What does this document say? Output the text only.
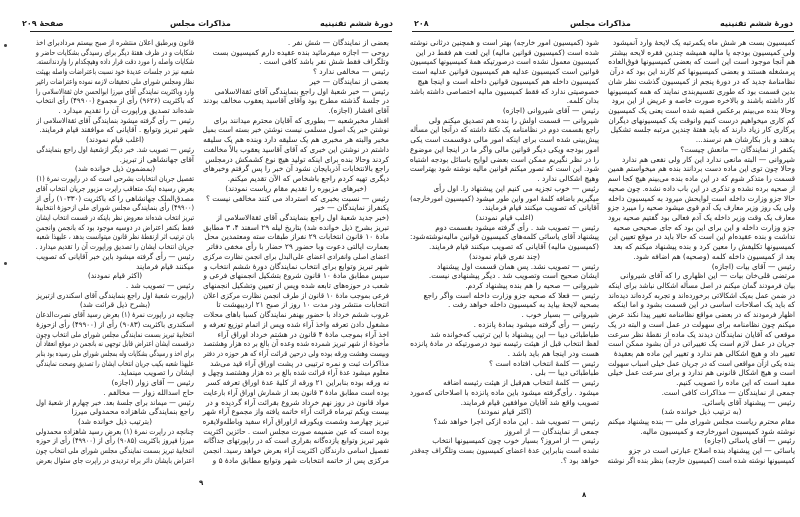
صفحهٔ ۲۰۹	مذاکرات مجلس	دورهٔ ششم تقنینیه
قانون وبرطبق اعلان منتشره از صبح بیستم مردادبرای اخذ
شکایات و در ظرف هفتهٔ دیگر برای رسیدگی بشکایات حاضر و
شکایات واصله را مورد دقت قرار داده وهیچکدام را واردندانسته.
شعبه نیز در جلسات عدیدهٔ خود نسبت باعتراضات واصله بهیئت
نظار ومجلس شورای ملی تحقیقات لازمه نموده واعتراضات راغیر
وارد وباکثریت نمایندگی آقای میرزا ابوالحسن خان ثقةالاسلامی را
که باکثریت (۹۶۲۶) رأی از مجموع (۴۹۹۰۰) رأی انتخاب
شده‌اند تصدیق وراپورت آن را تقدیم میدارد .
رئیس — رأی گرفته میشود بنمایندگی آقای ثقةالاسلامی از
شهر تبریز وتوابع . آقایانی که موافقند قیام فرمایند.
(اغلب قیام نمودند)
رئیس — تصویب شد. خبر دیگر ازشعبهٔ اول راجع بنمایندگی
آقای جهانشاهی از تبریز.
(بمضمون ذیل خوانده شد)
تفصیل جریان انتخابات بشرحی است که در راپورت نمرهٔ (۱)
بعرض رسیده اینک متعاقب راپرت مزبور جریان انتخاب آقای
مصدق‌الملک جهانشاهی را که باکثریت (۱۰۳۳۰) رأی از
(۴۹۹۰۰) رأی بنمایندگی مجلس شورای ملی ازحوزهٔ انتخابیهٔ
تبریز انتخاب شده‌اند معروض نظر باینکه در قسمت انتخاب ایشان
فقط بکنفر اعتراض در دوسیه موجود بود که بانجمن وانجمن
بان ترتیب اثر ازنقطهٔ نظر قانون میتوانست بدهد ، علیهذا شعبه
جریان انتخاب ایشان را تصدیق وراپورت آن را تقدیم میدارد .
رئیس — رأی گرفته میشود باین خبر آقایانی که تصویب
میکنند قیام فرمایند
(اکثر قیام نمودند)
رئیس — تصویب شد .
(راپورت شعبهٔ اول راجع بنمایندگی آقای اسکندری ازتبریز
(بشرح ذیل قرائت شد)
چنانچه در راپورت نمرهٔ (۱) بعرض رسید آقای نصرت‌الدعان
اسکندری باکثریت (۹۰۸۳) رأی از (۴۹۹۰۰) رأی ازحوزهٔ
انتخابیهٔ تبریز بسمت نمایندگی مجلس شورای ملی انتخاب وچون
درقسمت ایشان اعتراض قابل توجهی نه بانجمن در موقع انعقاد آن
برای اخذ و رسیدگی بشکایات وله بمجلس شورای ملی رسیده بود بنابر
علیهذا شعبه بکیب جریان انتخاب ایشان را تصدیق وصحت نمایندگی
ایشان را تصویب مینماید.
رئیس — آقای زوار (اجازه)
حاج اسدالله زوار — مخالفم .
رئیس — میماند برای جلسهٔ بعد. خبر چهارم از شعبهٔ اول
راجع بنمایندگی شاهزاده محمدولی میرزا
(بترتیب ذیل خوانده شد)
چنانچه در راپرت نمرهٔ (۱) بعرض رسید شاهزاده محمدولی
میرزا فیروز باکثریت (۹۰۸۵) رأی از (۴۹۹۰۰) رأی از حوزه
انتخابیهٔ تبریز بسمت نمایندگی مجلس شورای ملی انتخاب چون
اعتراض بایشان دائر براه تردیدی در راپرت جای سئوال بعرض
بعضی از نمایندگان — شش نفر .
روحی — اجازه میفرمائید بنده عقیده دارم کمیسیون بست
وتلگراف فقط شش نفر باشد کافی است .
رئیس — مخالفی ندارد ؟
بعضی از نمایندگان — خیر
رئیس — خبر شعبهٔ اول راجع بنمایندگی آقای ثقةالاسلامی
در جلسهٔ گذشته مطرح بود وآقای آقاسید یعقوب مخالف بودند
آقای افشار (اجازه).
افشار مخبرشعبه — بطوری که آقایان محترم میدانند برای
نوشتن خبر یک اصول مسلمی نیست نوشتن خبر بسته است بمیل
مخبر والبته هر مخبری هم یک سلیقه دارد وبنده هم یک سلیقه
داشتم در نوشتن این خبری که آقای آقاسید یعقوب بالاً مخالفت
کردند وحالا بنده برای اینکه تولید هیچ نوع کشمکش درمجلس
راجع بالانتخابات آذربایجان نشود آن خبر را پس گرفتم وخبرهای
دیگری تهیه کردم راجع باشخاص که الآن تقدیم میکنم.
(خبرهای مزبوره را تقدیم مقام ریاست نمودند)
رئیس — نسبت بخبری که استرداد می کنند مخالفی نیست ؟
یکنفراز نمایندگان — خیر
(خبر جدید شعبهٔ اول راجع بنمایندگی آقای ثقةالاسلامی از
تبریز بشرح ذیل خوانده شد) بتاریخ لیله ۲۹ اسفند ۴، ۳ مطابق
مادهٔ ۱۰ قانون انتخابات ۲۹ نفراز طبقات سته ومعتمدین محل
بعمارت ایالتی دعوت وبا حضور ۲۹ حضار با رأی مخفی دفاتر
اعضای اصلی وانفرادی اعضای علی‌البدل برای انجمن نظارت مرکزی
شهر تبریز وتوابع برای انتخاب نمایندگان دورهٔ ششم انتخاب و
سپس مطابق مادهٔ ۱۰ قانون شروع بتشکیل انجمنهای فرعی و
شعب در حوزه‌های تابعه شده وپس از تعیین وتشکیل انجمنهای
فرعی بموجب مادهٔ ۱۰ قانون از طرف انجمن نظارت مرکزی اعلان
انتخابات منتشر ودر مدت ۱۰ روز از صبح ۲۱ اردیبهشت تا
غروب ششم خرداد با حضور بهنفر نمایندگان کسبا باهای محلات
مشغول دادن تعرفه واخذ آراء شده وپس از اتمام توزیع تعرفه و
اخذ آراء بموجب مادهٔ ۴ قانون در هشتم خرداد اوراق آراء
مأخوذهٔ از شهر تبریز شمرده شده وعده آن بالغ بر ده هزار وهشتصد
وبیست وهشت ورقه بوده ولی درحین قرائت آراء که هر حوزه در دفتر
مذاکرات ثبت و نمره ترتیبی در پشت اوراق آراء قید می‌شد
معلوم میشود عدهٔ آراء قرائت شده بالغ بر ده هزار وهشتصد وچهل و
نه ورقه بوده بنابراین ۲۱ ورقه از کلیهٔ عدهٔ اوراق تعرفه کسر
بوده است مطابق مادهٔ ۳ قانون بعد از شمارش اوراق آراء بارعایت
مواد قانون در روز نهم خرداد شروع بقرائت آراء گردیده و در
بیست ویکم تیرماه قرائت آراء خاتمه یافته واز مجموع آراء شهر
تبریز چهارصد وشصت ویکورقه ازاوراق آراء سفید وباطله‌ولایقره
بوده است که عین ضمیمه صورت مجلس است . حائزین اکثریت
شهر تبریز وتوابع یازده‌گانه بقراری است که در راپورتهای جداگانه
تفصیل اسامی دارندگان اکثریت آراء بعرض خواهد رسید. انجمن
مرکزی پس از خاتمه انتخابات شهر وتوابع مطابق مادهٔ ۵ و
۹
۲۰۸	مذاکرات مجلس	دورهٔ ششم تقنینیه
شود (کمیسیون امور خارجه) بهتر است و همچنین درثانی نوشته
شده است (کمیسیون قوانین مالیه) این لغت هم فقط در این
کمیسیون معمول نشده است درصورتیکه همهٔ کمیسیونها کمیسیون
قوانین است کمیسیون عدلیه هم کمیسیون قوانین عدلیه است
کمیسیون داخله هم کمیسیون قوانین داخله است و اینجا هیچ
خصوصیتی ندارد که فقط کمیسیون مالیه اختصاصی داشته باشد
بدان کلمه.
رئیس — آقای شیروانی (اجازه)
شیروانی — قسمت اولش را بنده هم تصدیق میکنم ولی
راجع بقسمت دوم در نظامنامه یک نکتهٔ داشته که درآنجا این مسأله
پیش‌بینی شده است برای اینکه امور مالی دوقسمت است یکی
امور بودجه ویکی دیگر قوانین مالی واگر ما در اینجا این موضوع
را در نظر نگیریم ممکن است بعضی لوایح باسائل بودجه اشتباه
شود. این است که تصور میکنم قوانین مالیه نوشته شود بهتراست
وهیچ اشکالی ندارد .
رئیس — خوب تجزیه می کنیم این پیشنهاد را. اول رأی
میگیریم باضافه کلمهٔ امور واین طور میشود (کمیسیون امورخارجه)
آقایانی که تصویب میکنند قیام فرمایند.
(اغلب قیام نمودند)
رئیس — تصویب شد . رأی گرفته میشود بقسمت دوم
پیشنهاد آقای یاسائی کلمه‌های کمیسیون قوانین مالیه‌نوشته‌شود:
(کمیسیون مالیه) آقایانی که تصویب میکنند قیام فرمایند.
(چند نفری قیام نمودند)
رئیس — تصویب نشد. پس همان قسمت اول پیشنهاد
ایشان صحیح است وتصویب شد . دیگر پیشنهادی نیست.
شیروانی — صحیه را هم بنده پیشنهاد کردم.
رئیس — فعلا که صحیه جزو وزارت داخله است واگر راجع
بصحیه لایحهٔ بیاید به کمیسیون داخله خواهد رفت .
شیروانی — بسیار خوب .
رئیس — رأی گرفته میشود بمادهٔ پانزده .
طباطبائی دیبا — این پیشنهاد با این ترتیب که‌خوانده شد
لفظ انتخاب قبل از هیئت رئیسه نبود درصورتیکه در مادهٔ پانزده
هست ودر اینجا هم باید باشد .
رئیس — کلمهٔ انتخاب افتاده است ؟
طباطبائی دیبا — بلی .
رئیس — کلمهٔ انتخاب هم‌قبل از هیئت رئیسه اضافه
میشود . رأی‌گرفته میشود باین ماده پانزده با اصلاحاتی که‌مورد
تصویب واقع شد آقایان موافقین قیام فرمایند.
(اکثر قیام نمودند)
رئیس — تصویب شد . این ماده ازکی اجرا خواهد شد؟
جمعی از نمایندگان — از امروز
رئیس — از امروز؟ بسیار خوب چون کمیسیونها انتخاب
نشده است بنابراین عدهٔ اعضای کمیسیون بست وتلگراف چه‌قدر
خواهد بود ؟.
کمیسیون بست هر شش ماه یکمرتبه یک لایحهٔ وارد آنمیشود
ولی کمیسیون بودجه یا مالیه همیشه چندین فقره لایحه بیشتر
هم آنجا موجود است این است که بعضی کمیسیونها فوق‌العاده
پرمشغله هستند و بعضی کمیسیونها کم کارند این بود که درآن
نظامنامهٔ جدید که در دورهٔ پنجم از کمیسیون گذشت نظر شان
بدین قسمت بود که طوری تقسیم‌بندی نمایند که همه کمیسیونها
کار داشته باشند و بالاخره صورت خاصه و عریض از این برود
وحالا بنده می‌بینم برعکس قضیه شده است یعنی یک کمیسیون
کم کاری میخواهیم درست کنیم وانوقت یک کمیسیونهای دیگران
پرکاری کار زیاد دارند که باید هفتهٔ چندین مرتبه جلسه تشکیل
بدهند و باز بکارشان هم نرسند...
یکنفر از نمایندگان — مانعش چیست؟
شیروانی — البته مانعی ندارد این کار ولی نفعی هم ندارد
وحالا چون توی این ماده دست بردانند بنده هم میخواستم همین
قسمت را متذکر شوم که در این ماده بنده می‌بینم هیچ کجا اسم
از صحیه برده نشده و تذکری در این باب داده نشده. چون صحیه
حالا جزو وزارت داخله است لوایحش میرود به کمیسیون داخله
ولی یک روز وزیر معارف یک آدم قوی میشود صحیه را میبرد جزو
معارف یک وقت وزیر داخله یک آدم فعالی بود گفتیم صحیه برود
جزو وزارت داخله و این برای این بود که جای صحیحی صحیه
نداشت و بنده عقیده‌ام این است که حالا باید در موقع تعیین این
کمیسیونها تکلیفش را معین کرد و بنده پیشنهاد میکنم که بعد
بعد از کمیسیون داخله کلمه (وصحیه) هم اضافه شود.
رئیس — آقای بیات (اجازه)
مرتضی قلی‌خان بیات — این اظهاری را که آقای شیروانی
بیان فرمودند گمان میکنم در اصل مسأله اشکالی نباشد برای اینکه
در ضمن عمل به‌یک اشکالاتی برخورده‌اند و تجربه کرده‌اند دیده‌اند
که باید یک اصلاحات اساسی در این قسمت بشود و اما اینکه
اظهار فرمودند که در بعضی مواقع نظامنامه تغییر پیدا نکند عرض
میکنم چون نظامنامه برای سهولت در عمل است و البته در یک
موقعی که آقایان نمایندگان دیدند یک ماده از نقطهٔ نظر سرعت
جریان در عمل لازم است یک تغییراتی در آن بشود ممکن است
تغییر داد و هیچ اشکالی هم ندارد و تغییر این ماده هم بعقیدهٔ
بنده یکی ازآن مواقعی است که در جریان عمل خیلی اسباب سهولت
است و هیچ اشکال قانونی هم ندارد و برای سرعت عمل خیلی
مفید است که این ماده را تصویب کنیم.
جمعی از نمایندگان — مذاکرات کافی است.
رئیس — پیشنهاد آقای یاسائی.
(به ترتیب ذیل خوانده شد)
مقام محترم ریاست مجلس شورای ملی — بنده پیشنهاد میکنم
نوشته شود کمیسیون امورخارجه و کمیسیون مالیه.
رئیس — آقای یاسائی (اجازه)
یاسائی — این پیشنهاد بنده اصلاح عبارتی است در جزو
کمیسیونها نوشته شده است (کمیسیون خارجه) بنظر بنده اگر نوشته
۸
